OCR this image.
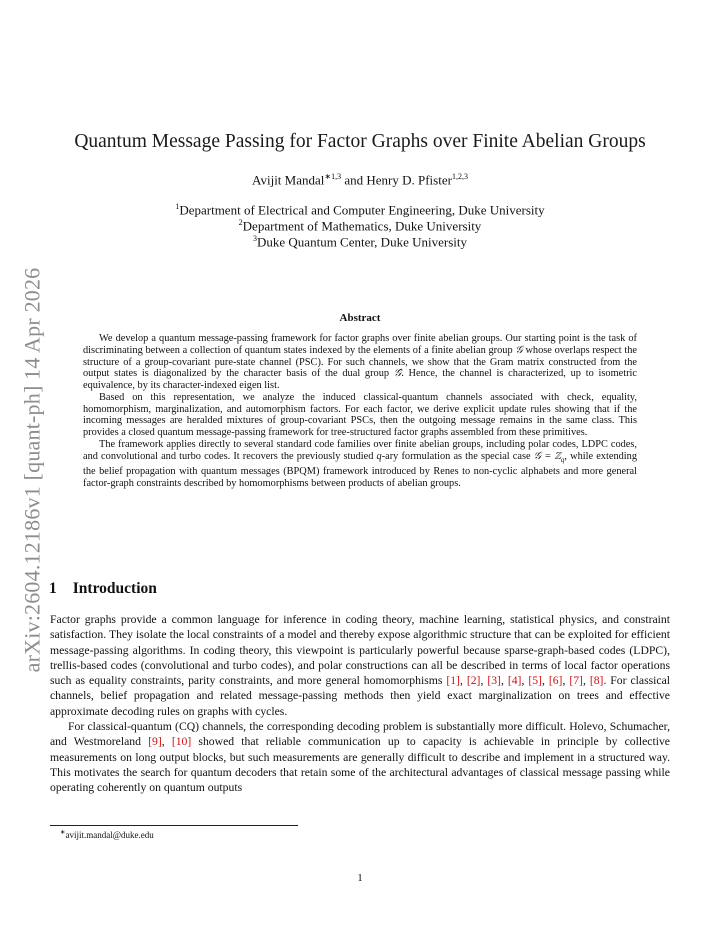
arXiv:2604.12186v1 [quant-ph] 14 Apr 2026
Quantum Message Passing for Factor Graphs over Finite Abelian Groups
Avijit Mandal$^{∗1,3}$ and Henry D. Pfister$^{1,2,3}$
$^1$Department of Electrical and Computer Engineering, Duke University
$^2$Department of Mathematics, Duke University
$^3$Duke Quantum Center, Duke University
Abstract

We develop a quantum message-passing framework for factor graphs over finite abelian groups. Our starting point is the task of discriminating between a collection of quantum states indexed by the elements of a finite abelian group 𝒢 whose overlaps respect the structure of a group-covariant pure-state channel (PSC). For such channels, we show that the Gram matrix constructed from the output states is diagonalized by the character basis of the dual group 𝒢̂. Hence, the channel is characterized, up to isometric equivalence, by its character-indexed eigen list.

Based on this representation, we analyze the induced classical-quantum channels associated with check, equality, homomorphism, marginalization, and automorphism factors. For each factor, we derive explicit update rules showing that if the incoming messages are heralded mixtures of group-covariant PSCs, then the outgoing message remains in the same class. This provides a closed quantum message-passing framework for tree-structured factor graphs assembled from these primitives.

The framework applies directly to several standard code families over finite abelian groups, including polar codes, LDPC codes, and convolutional and turbo codes. It recovers the previously studied q-ary formulation as the special case 𝒢 = ℤ$_q$, while extending the belief propagation with quantum messages (BPQM) framework introduced by Renes to non-cyclic alphabets and more general factor-graph constraints described by homomorphisms between products of abelian groups.

1 Introduction

Factor graphs provide a common language for inference in coding theory, machine learning, statistical physics, and constraint satisfaction. They isolate the local constraints of a model and thereby expose algorithmic structure that can be exploited for efficient message-passing algorithms. In coding theory, this viewpoint is particularly powerful because sparse-graph-based codes (LDPC), trellis-based codes (convolutional and turbo codes), and polar constructions can all be described in terms of local factor operations such as equality constraints, parity constraints, and more general homomorphisms [1], [2], [3], [4], [5], [6], [7], [8]. For classical channels, belief propagation and related message-passing methods then yield exact marginalization on trees and effective approximate decoding rules on graphs with cycles.

For classical-quantum (CQ) channels, the corresponding decoding problem is substantially more difficult. Holevo, Schumacher, and Westmoreland [9], [10] showed that reliable communication up to capacity is achievable in principle by collective measurements on long output blocks, but such measurements are generally difficult to describe and implement in a structured way. This motivates the search for quantum decoders that retain some of the architectural advantages of classical message passing while operating coherently on quantum outputs

∗avijit.mandal@duke.edu
1
